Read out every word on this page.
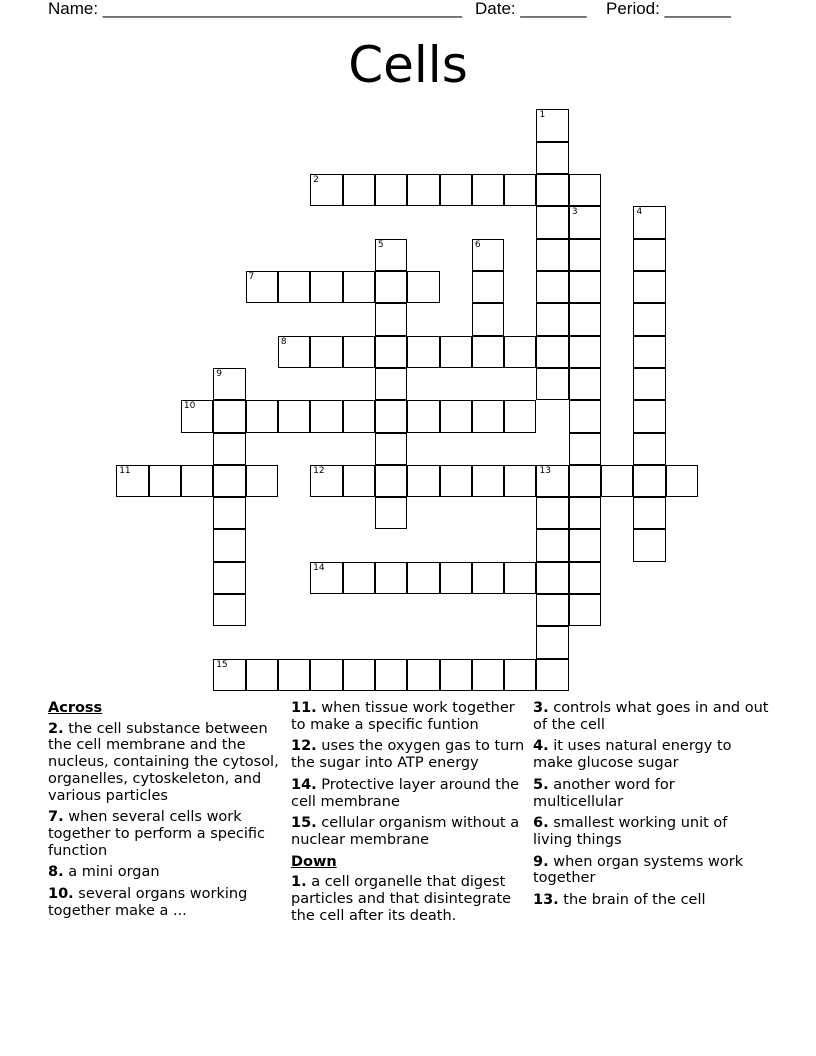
Name: ______________________________________ Date: _______ Period: _______
Cells
1
2
3	4
5	6
7
8
9
10
11	12	13
14
15
Across
2. the cell substance between the cell membrane and the nucleus, containing the cytosol, organelles, cytoskeleton, and various particles
7. when several cells work together to perform a specific function
8. a mini organ
10. several organs working together make a ...
11. when tissue work together to make a specific funtion
12. uses the oxygen gas to turn the sugar into ATP energy
14. Protective layer around the cell membrane
15. cellular organism without a nuclear membrane
Down
1. a cell organelle that digest particles and that disintegrate the cell after its death.
3. controls what goes in and out of the cell
4. it uses natural energy to make glucose sugar
5. another word for multicellular
6. smallest working unit of living things
9. when organ systems work together
13. the brain of the cell
